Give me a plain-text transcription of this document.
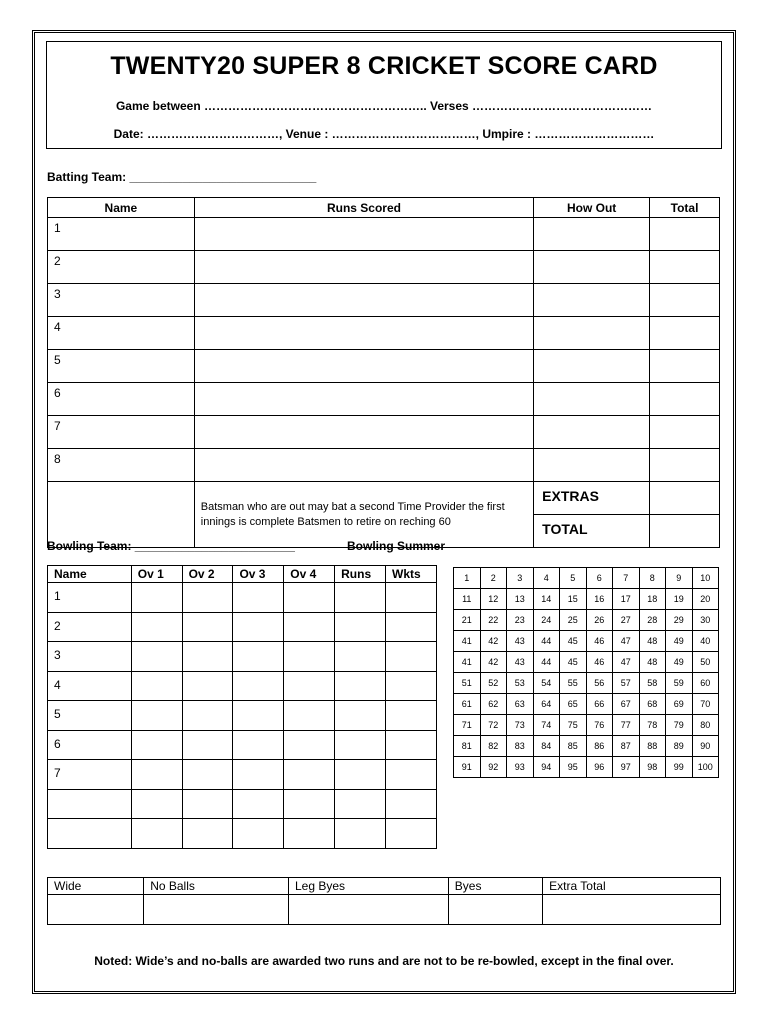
TWENTY20 SUPER 8 CRICKET SCORE CARD
Game between ……………………………………………….. Verses ………………………………………
Date: ……………………………, Venue : ………………………………, Umpire : …………………………
Batting Team: ____________________________
Name	Runs Scored	How Out	Total
1			
2			
3			
4			
5			
6			
7			
8			
	Batsman who are out may bat a second Time Provider the first innings is complete Batsmen to retire on reching 60	EXTRAS	
		TOTAL	
Bowling Team: ________________________	Bowling Summer
Name	Ov 1	Ov 2	Ov 3	Ov 4	Runs	Wkts
1						
2						
3						
4						
5						
6						
7						

1	2	3	4	5	6	7	8	9	10
11	12	13	14	15	16	17	18	19	20
21	22	23	24	25	26	27	28	29	30
41	42	43	44	45	46	47	48	49	40
41	42	43	44	45	46	47	48	49	50
51	52	53	54	55	56	57	58	59	60
61	62	63	64	65	66	67	68	69	70
71	72	73	74	75	76	77	78	79	80
81	82	83	84	85	86	87	88	89	90
91	92	93	94	95	96	97	98	99	100
Wide	No Balls	Leg Byes	Byes	Extra Total

Noted: Wide’s and no-balls are awarded two runs and are not to be re-bowled, except in the final over.
